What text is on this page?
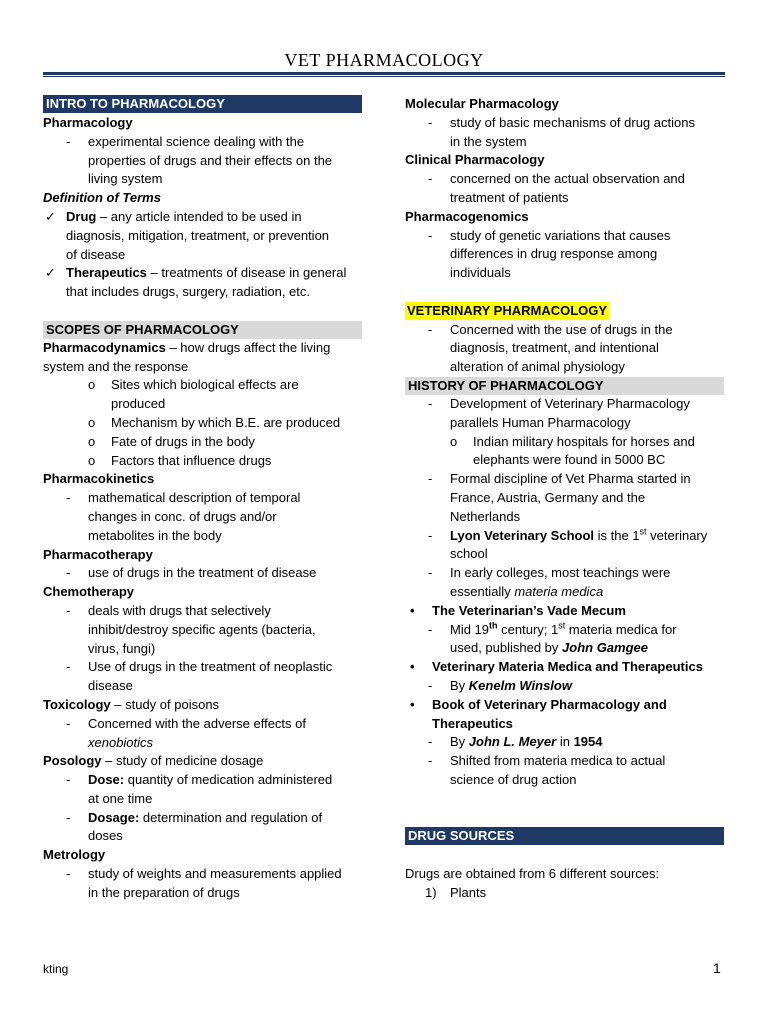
VET PHARMACOLOGY
INTRO TO PHARMACOLOGY
Pharmacology
- experimental science dealing with the
properties of drugs and their effects on the
living system
Definition of Terms
✓ Drug – any article intended to be used in
diagnosis, mitigation, treatment, or prevention
of disease
✓ Therapeutics – treatments of disease in general
that includes drugs, surgery, radiation, etc.
SCOPES OF PHARMACOLOGY
Pharmacodynamics – how drugs affect the living
system and the response
o Sites which biological effects are
produced
o Mechanism by which B.E. are produced
o Fate of drugs in the body
o Factors that influence drugs
Pharmacokinetics
- mathematical description of temporal
changes in conc. of drugs and/or
metabolites in the body
Pharmacotherapy
- use of drugs in the treatment of disease
Chemotherapy
- deals with drugs that selectively
inhibit/destroy specific agents (bacteria,
virus, fungi)
- Use of drugs in the treatment of neoplastic
disease
Toxicology – study of poisons
- Concerned with the adverse effects of
xenobiotics
Posology – study of medicine dosage
- Dose: quantity of medication administered
at one time
- Dosage: determination and regulation of
doses
Metrology
- study of weights and measurements applied
in the preparation of drugs
Molecular Pharmacology
- study of basic mechanisms of drug actions
in the system
Clinical Pharmacology
- concerned on the actual observation and
treatment of patients
Pharmacogenomics
- study of genetic variations that causes
differences in drug response among
individuals
VETERINARY PHARMACOLOGY
- Concerned with the use of drugs in the
diagnosis, treatment, and intentional
alteration of animal physiology
HISTORY OF PHARMACOLOGY
- Development of Veterinary Pharmacology
parallels Human Pharmacology
o Indian military hospitals for horses and
elephants were found in 5000 BC
- Formal discipline of Vet Pharma started in
France, Austria, Germany and the
Netherlands
- Lyon Veterinary School is the 1st veterinary
school
- In early colleges, most teachings were
essentially materia medica
• The Veterinarian’s Vade Mecum
- Mid 19th century; 1st materia medica for
used, published by John Gamgee
• Veterinary Materia Medica and Therapeutics
- By Kenelm Winslow
• Book of Veterinary Pharmacology and
Therapeutics
- By John L. Meyer in 1954
- Shifted from materia medica to actual
science of drug action
DRUG SOURCES
Drugs are obtained from 6 different sources:
1) Plants
kting	1
